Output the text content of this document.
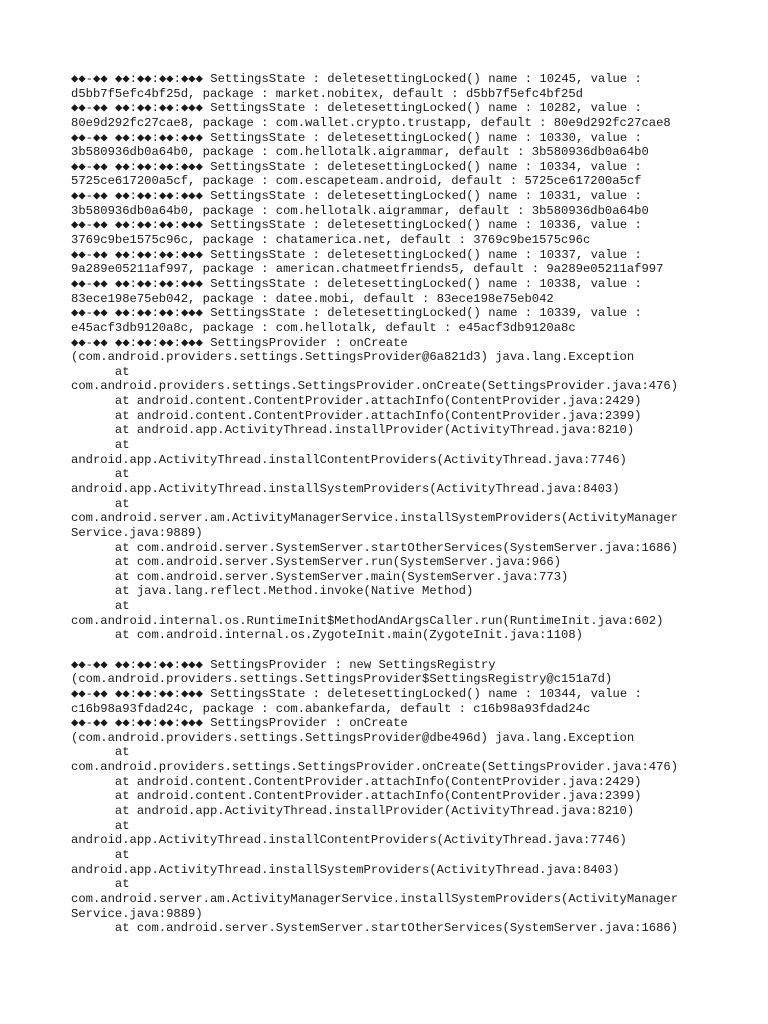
◆◆-◆◆ ◆◆:◆◆:◆◆:◆◆◆ SettingsState : deletesettingLocked() name : 10245, value :
d5bb7f5efc4bf25d, package : market.nobitex, default : d5bb7f5efc4bf25d
◆◆-◆◆ ◆◆:◆◆:◆◆:◆◆◆ SettingsState : deletesettingLocked() name : 10282, value :
80e9d292fc27cae8, package : com.wallet.crypto.trustapp, default : 80e9d292fc27cae8
◆◆-◆◆ ◆◆:◆◆:◆◆:◆◆◆ SettingsState : deletesettingLocked() name : 10330, value :
3b580936db0a64b0, package : com.hellotalk.aigrammar, default : 3b580936db0a64b0
◆◆-◆◆ ◆◆:◆◆:◆◆:◆◆◆ SettingsState : deletesettingLocked() name : 10334, value :
5725ce617200a5cf, package : com.escapeteam.android, default : 5725ce617200a5cf
◆◆-◆◆ ◆◆:◆◆:◆◆:◆◆◆ SettingsState : deletesettingLocked() name : 10331, value :
3b580936db0a64b0, package : com.hellotalk.aigrammar, default : 3b580936db0a64b0
◆◆-◆◆ ◆◆:◆◆:◆◆:◆◆◆ SettingsState : deletesettingLocked() name : 10336, value :
3769c9be1575c96c, package : chatamerica.net, default : 3769c9be1575c96c
◆◆-◆◆ ◆◆:◆◆:◆◆:◆◆◆ SettingsState : deletesettingLocked() name : 10337, value :
9a289e05211af997, package : american.chatmeetfriends5, default : 9a289e05211af997
◆◆-◆◆ ◆◆:◆◆:◆◆:◆◆◆ SettingsState : deletesettingLocked() name : 10338, value :
83ece198e75eb042, package : datee.mobi, default : 83ece198e75eb042
◆◆-◆◆ ◆◆:◆◆:◆◆:◆◆◆ SettingsState : deletesettingLocked() name : 10339, value :
e45acf3db9120a8c, package : com.hellotalk, default : e45acf3db9120a8c
◆◆-◆◆ ◆◆:◆◆:◆◆:◆◆◆ SettingsProvider : onCreate
(com.android.providers.settings.SettingsProvider@6a821d3) java.lang.Exception
at
com.android.providers.settings.SettingsProvider.onCreate(SettingsProvider.java:476)
at android.content.ContentProvider.attachInfo(ContentProvider.java:2429)
at android.content.ContentProvider.attachInfo(ContentProvider.java:2399)
at android.app.ActivityThread.installProvider(ActivityThread.java:8210)
at
android.app.ActivityThread.installContentProviders(ActivityThread.java:7746)
at
android.app.ActivityThread.installSystemProviders(ActivityThread.java:8403)
at
com.android.server.am.ActivityManagerService.installSystemProviders(ActivityManager
Service.java:9889)
at com.android.server.SystemServer.startOtherServices(SystemServer.java:1686)
at com.android.server.SystemServer.run(SystemServer.java:966)
at com.android.server.SystemServer.main(SystemServer.java:773)
at java.lang.reflect.Method.invoke(Native Method)
at
com.android.internal.os.RuntimeInit$MethodAndArgsCaller.run(RuntimeInit.java:602)
at com.android.internal.os.ZygoteInit.main(ZygoteInit.java:1108)
◆◆-◆◆ ◆◆:◆◆:◆◆:◆◆◆ SettingsProvider : new SettingsRegistry
(com.android.providers.settings.SettingsProvider$SettingsRegistry@c151a7d)
◆◆-◆◆ ◆◆:◆◆:◆◆:◆◆◆ SettingsState : deletesettingLocked() name : 10344, value :
c16b98a93fdad24c, package : com.abankefarda, default : c16b98a93fdad24c
◆◆-◆◆ ◆◆:◆◆:◆◆:◆◆◆ SettingsProvider : onCreate
(com.android.providers.settings.SettingsProvider@dbe496d) java.lang.Exception
at
com.android.providers.settings.SettingsProvider.onCreate(SettingsProvider.java:476)
at android.content.ContentProvider.attachInfo(ContentProvider.java:2429)
at android.content.ContentProvider.attachInfo(ContentProvider.java:2399)
at android.app.ActivityThread.installProvider(ActivityThread.java:8210)
at
android.app.ActivityThread.installContentProviders(ActivityThread.java:7746)
at
android.app.ActivityThread.installSystemProviders(ActivityThread.java:8403)
at
com.android.server.am.ActivityManagerService.installSystemProviders(ActivityManager
Service.java:9889)
at com.android.server.SystemServer.startOtherServices(SystemServer.java:1686)
